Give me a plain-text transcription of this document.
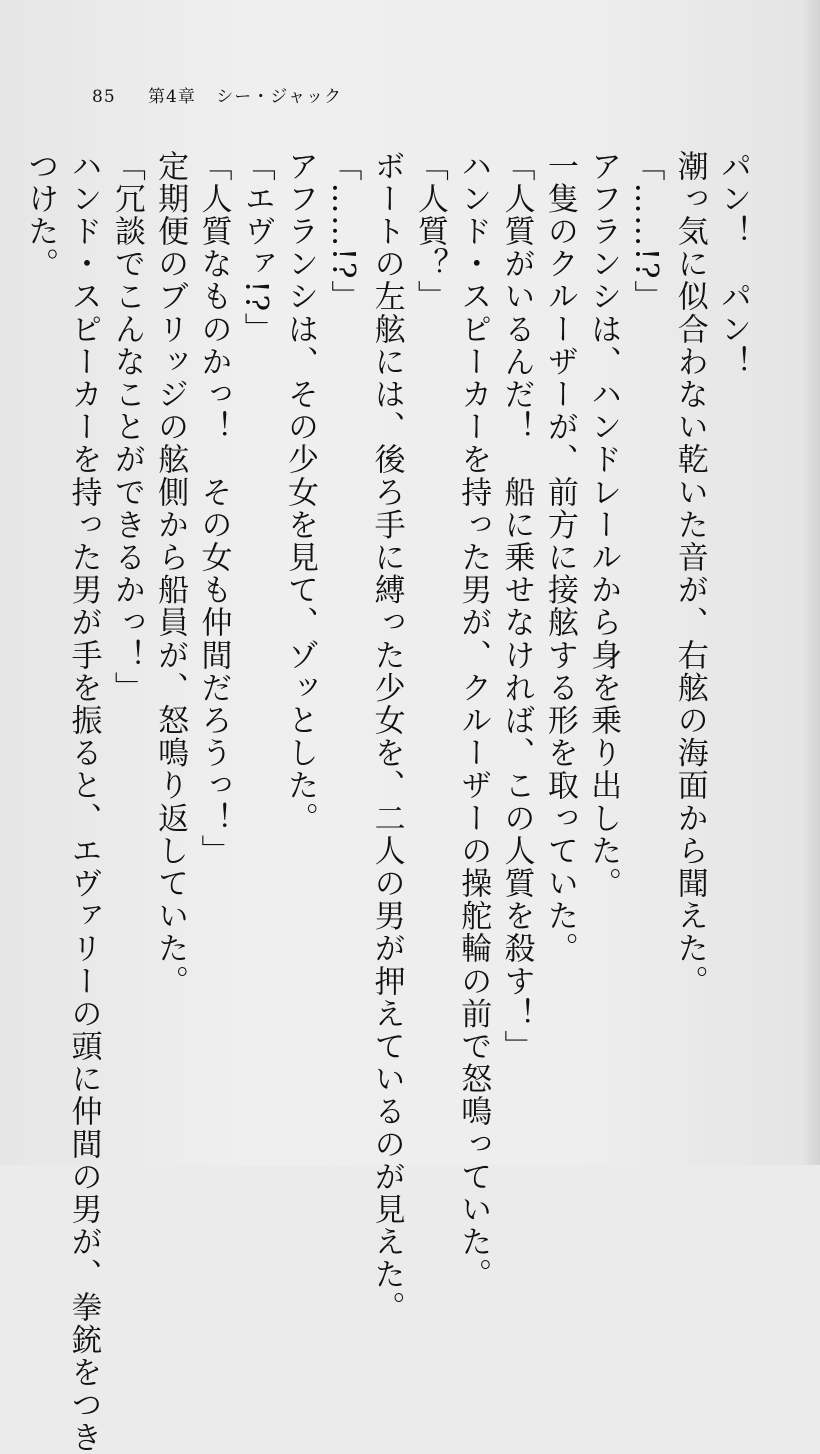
85 第4章 シー・ジャック
パン！　パン！
潮っ気に似合わない乾いた音が、右舷の海面から聞えた。
「……!?」
アフランシは、ハンドレールから身を乗り出した。
一隻のクルーザーが、前方に接舷する形を取っていた。
「人質がいるんだ！　船に乗せなければ、この人質を殺す！」
ハンド・スピーカーを持った男が、クルーザーの操舵輪の前で怒鳴っていた。
「人質？」
ボートの左舷には、後ろ手に縛った少女を、二人の男が押えているのが見えた。
「……!?」
アフランシは、その少女を見て、ゾッとした。
「エヴァ!?」
「人質なものかっ！　その女も仲間だろうっ！」
定期便のブリッジの舷側から船員が、怒鳴り返していた。
「冗談でこんなことができるかっ！」
ハンド・スピーカーを持った男が手を振ると、エヴァリーの頭に仲間の男が、拳銃をつき
つけた。
